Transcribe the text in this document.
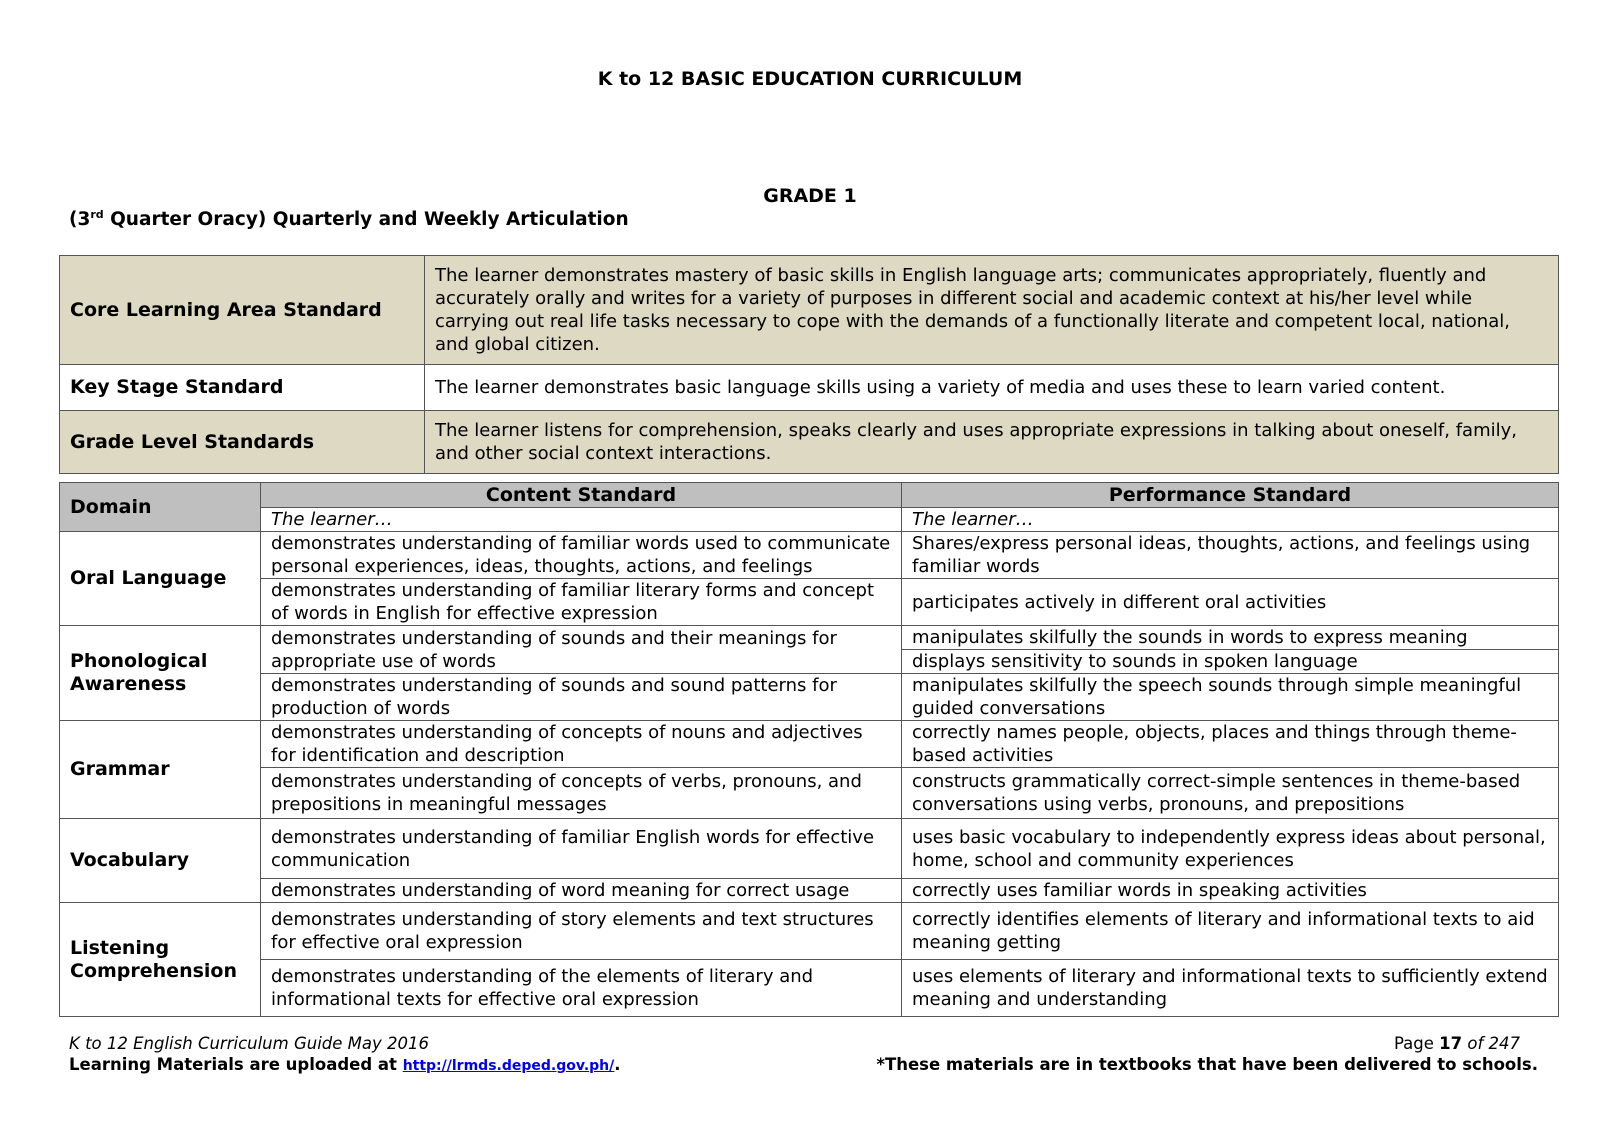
K to 12 BASIC EDUCATION CURRICULUM
GRADE 1
(3rd Quarter Oracy) Quarterly and Weekly Articulation
Core Learning Area Standard	The learner demonstrates mastery of basic skills in English language arts; communicates appropriately, fluently and accurately orally and writes for a variety of purposes in different social and academic context at his/her level while carrying out real life tasks necessary to cope with the demands of a functionally literate and competent local, national, and global citizen.
Key Stage Standard	The learner demonstrates basic language skills using a variety of media and uses these to learn varied content.
Grade Level Standards	The learner listens for comprehension, speaks clearly and uses appropriate expressions in talking about oneself, family, and other social context interactions.
Domain	Content Standard	Performance Standard
	The learner…	The learner…
Oral Language	demonstrates understanding of familiar words used to communicate personal experiences, ideas, thoughts, actions, and feelings	Shares/express personal ideas, thoughts, actions, and feelings using familiar words
	demonstrates understanding of familiar literary forms and concept of words in English for effective expression	participates actively in different oral activities
Phonological Awareness	demonstrates understanding of sounds and their meanings for appropriate use of words	manipulates skilfully the sounds in words to express meaning
		displays sensitivity to sounds in spoken language
	demonstrates understanding of sounds and sound patterns for production of words	manipulates skilfully the speech sounds through simple meaningful guided conversations
Grammar	demonstrates understanding of concepts of nouns and adjectives for identification and description	correctly names people, objects, places and things through theme-based activities
	demonstrates understanding of concepts of verbs, pronouns, and prepositions in meaningful messages	constructs grammatically correct-simple sentences in theme-based conversations using verbs, pronouns, and prepositions
Vocabulary	demonstrates understanding of familiar English words for effective communication	uses basic vocabulary to independently express ideas about personal, home, school and community experiences
	demonstrates understanding of word meaning for correct usage	correctly uses familiar words in speaking activities
Listening Comprehension	demonstrates understanding of story elements and text structures for effective oral expression	correctly identifies elements of literary and informational texts to aid meaning getting
	demonstrates understanding of the elements of literary and informational texts for effective oral expression	uses elements of literary and informational texts to sufficiently extend meaning and understanding
K to 12 English Curriculum Guide May 2016
Learning Materials are uploaded at http://lrmds.deped.gov.ph/.
Page 17 of 247
*These materials are in textbooks that have been delivered to schools.
